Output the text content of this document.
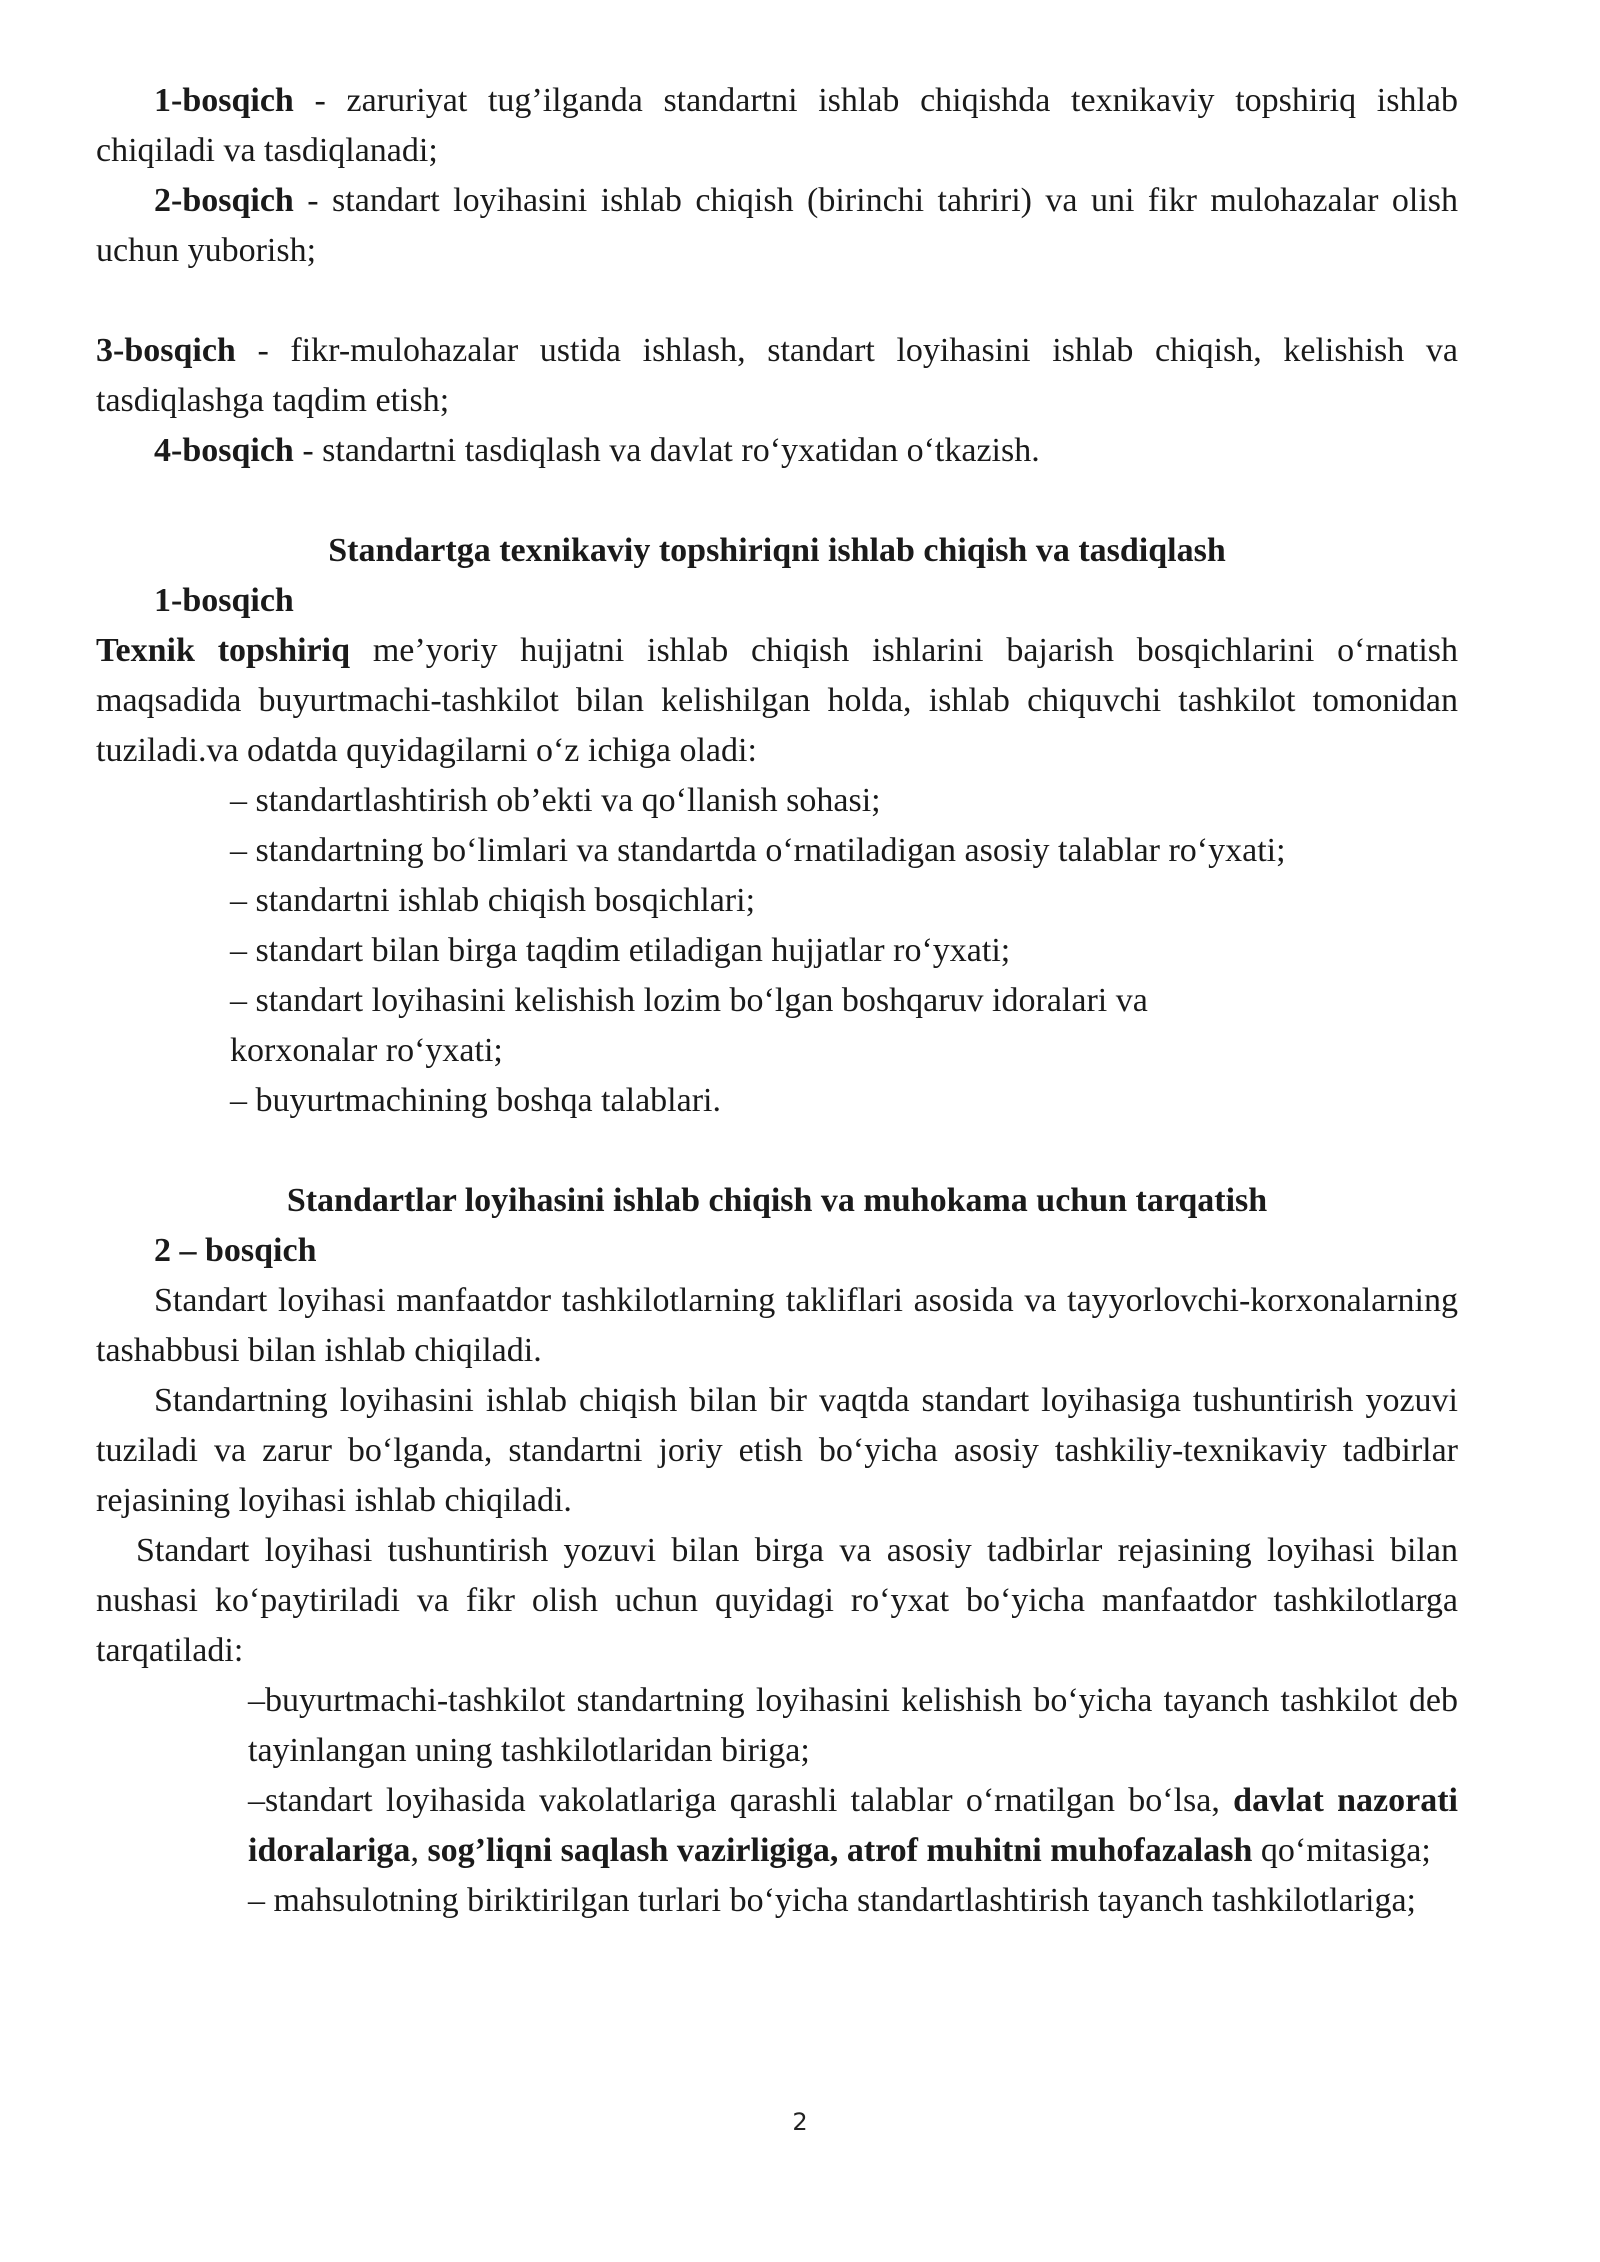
1-bosqich - zaruriyat tug’ilganda standartni ishlab chiqishda texnikaviy topshiriq ishlab chiqiladi va tasdiqlanadi;

2-bosqich - standart loyihasini ishlab chiqish (birinchi tahriri) va uni fikr mulohazalar olish uchun yuborish;

3-bosqich - fikr-mulohazalar ustida ishlash, standart loyihasini ishlab chiqish, kelishish va tasdiqlashga taqdim etish;

4-bosqich - standartni tasdiqlash va davlat ro‘yxatidan o‘tkazish.

Standartga texnikaviy topshiriqni ishlab chiqish va tasdiqlash

1-bosqich

Texnik topshiriq me’yoriy hujjatni ishlab chiqish ishlarini bajarish bosqichlarini o‘rnatish maqsadida buyurtmachi-tashkilot bilan kelishilgan holda, ishlab chiquvchi tashkilot tomonidan tuziladi.va odatda quyidagilarni o‘z ichiga oladi:

– standartlashtirish ob’ekti va qo‘llanish sohasi;
– standartning bo‘limlari va standartda o‘rnatiladigan asosiy talablar ro‘yxati;
– standartni ishlab chiqish bosqichlari;
– standart bilan birga taqdim etiladigan hujjatlar ro‘yxati;
– standart loyihasini kelishish lozim bo‘lgan boshqaruv idoralari va korxonalar ro‘yxati;
– buyurtmachining boshqa talablari.

Standartlar loyihasini ishlab chiqish va muhokama uchun tarqatish

2 – bosqich

Standart loyihasi manfaatdor tashkilotlarning takliflari asosida va tayyorlovchi-korxonalarning tashabbusi bilan ishlab chiqiladi.

Standartning loyihasini ishlab chiqish bilan bir vaqtda standart loyihasiga tushuntirish yozuvi tuziladi va zarur bo‘lganda, standartni joriy etish bo‘yicha asosiy tashkiliy-texnikaviy tadbirlar rejasining loyihasi ishlab chiqiladi.

Standart loyihasi tushuntirish yozuvi bilan birga va asosiy tadbirlar rejasining loyihasi bilan nushasi ko‘paytiriladi va fikr olish uchun quyidagi ro‘yxat bo‘yicha manfaatdor tashkilotlarga tarqatiladi:

–buyurtmachi-tashkilot standartning loyihasini kelishish bo‘yicha tayanch tashkilot deb tayinlangan uning tashkilotlaridan biriga;
–standart loyihasida vakolatlariga qarashli talablar o‘rnatilgan bo‘lsa, davlat nazorati idoralariga, sog’liqni saqlash vazirligiga, atrof muhitni muhofazalash qo‘mitasiga;
– mahsulotning biriktirilgan turlari bo‘yicha standartlashtirish tayanch tashkilotlariga;
2
